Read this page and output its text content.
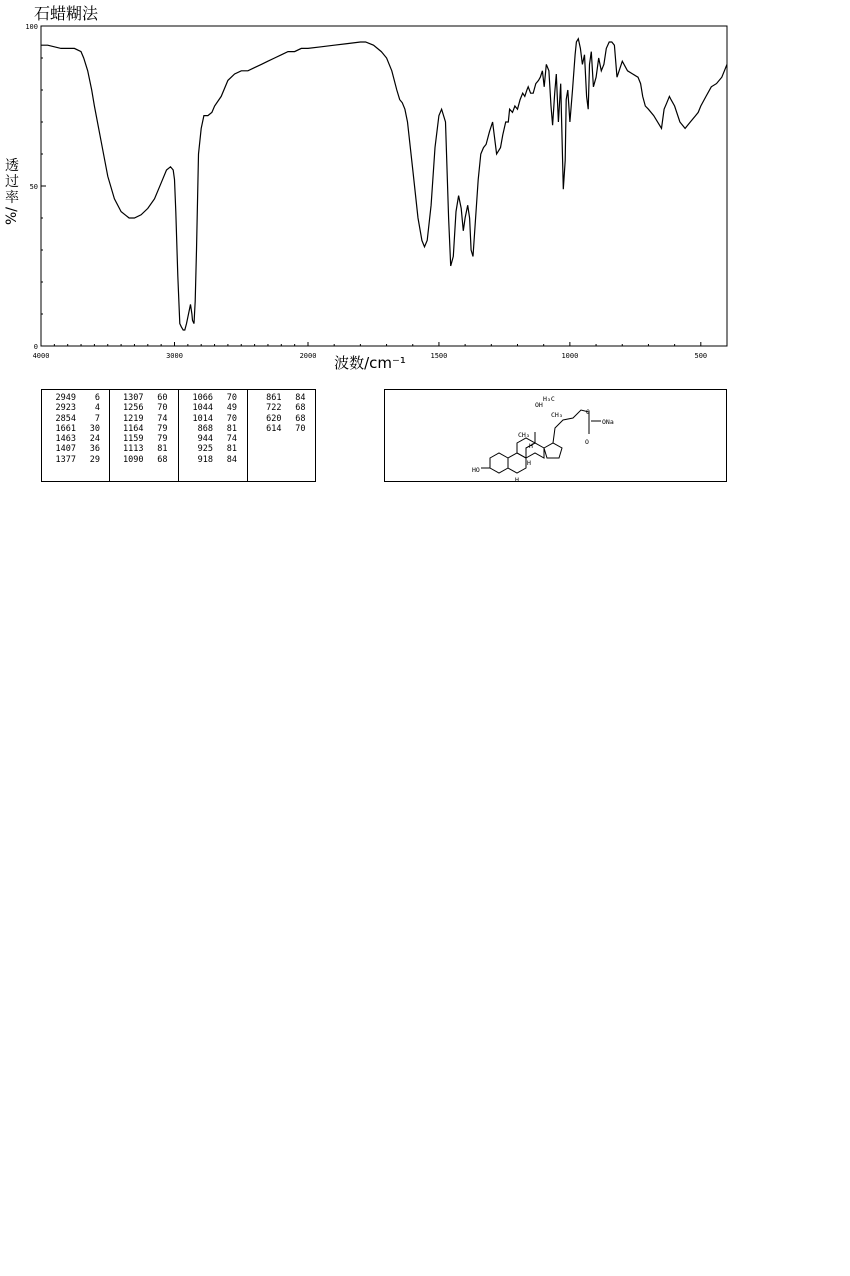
石蜡糊法
透过率
%/
0
50
100
4000	3000	2000	1500	1000	500
波数/cm⁻¹
2949	6
2923	4
2854	7
1661	30
1463	24
1407	36
1377	29
1307	60
1256	70
1219	74
1164	79
1159	79
1113	81
1090	68
1066	70
1044	49
1014	70
868	81
944	74
925	81
918	84
861	84
722	68
620	68
614	70
H₃C
OH
CH₃
CH₃
O
ONa
O
HO
H
H
H
